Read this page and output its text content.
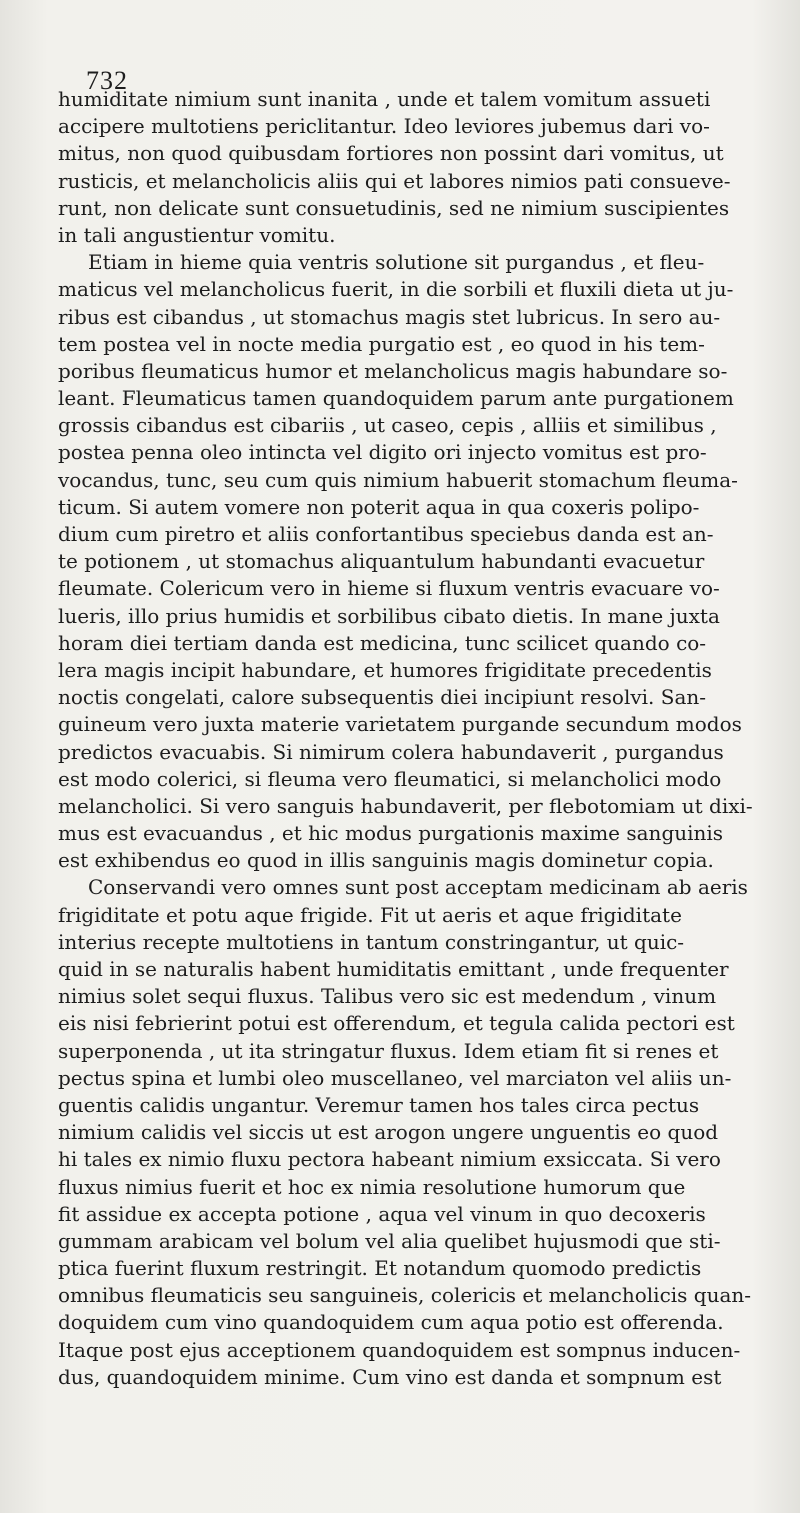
732
humiditate nimium sunt inanita , unde et talem vomitum assueti
accipere multotiens periclitantur. Ideo leviores jubemus dari vo-
mitus, non quod quibusdam fortiores non possint dari vomitus, ut
rusticis, et melancholicis aliis qui et labores nimios pati consueve-
runt, non delicate sunt consuetudinis, sed ne nimium suscipientes
in tali angustientur vomitu.
Etiam in hieme quia ventris solutione sit purgandus , et fleu-
maticus vel melancholicus fuerit, in die sorbili et fluxili dieta ut ju-
ribus est cibandus , ut stomachus magis stet lubricus. In sero au-
tem postea vel in nocte media purgatio est , eo quod in his tem-
poribus fleumaticus humor et melancholicus magis habundare so-
leant. Fleumaticus tamen quandoquidem parum ante purgationem
grossis cibandus est cibariis , ut caseo, cepis , alliis et similibus ,
postea penna oleo intincta vel digito ori injecto vomitus est pro-
vocandus, tunc, seu cum quis nimium habuerit stomachum fleuma-
ticum. Si autem vomere non poterit aqua in qua coxeris polipo-
dium cum piretro et aliis confortantibus speciebus danda est an-
te potionem , ut stomachus aliquantulum habundanti evacuetur
fleumate. Colericum vero in hieme si fluxum ventris evacuare vo-
lueris, illo prius humidis et sorbilibus cibato dietis. In mane juxta
horam diei tertiam danda est medicina, tunc scilicet quando co-
lera magis incipit habundare, et humores frigiditate precedentis
noctis congelati, calore subsequentis diei incipiunt resolvi. San-
guineum vero juxta materie varietatem purgande secundum modos
predictos evacuabis. Si nimirum colera habundaverit , purgandus
est modo colerici, si fleuma vero fleumatici, si melancholici modo
melancholici. Si vero sanguis habundaverit, per flebotomiam ut dixi-
mus est evacuandus , et hic modus purgationis maxime sanguinis
est exhibendus eo quod in illis sanguinis magis dominetur copia.
Conservandi vero omnes sunt post acceptam medicinam ab aeris
frigiditate et potu aque frigide. Fit ut aeris et aque frigiditate
interius recepte multotiens in tantum constringantur, ut quic-
quid in se naturalis habent humiditatis emittant , unde frequenter
nimius solet sequi fluxus. Talibus vero sic est medendum , vinum
eis nisi febrierint potui est offerendum, et tegula calida pectori est
superponenda , ut ita stringatur fluxus. Idem etiam fit si renes et
pectus spina et lumbi oleo muscellaneo, vel marciaton vel aliis un-
guentis calidis ungantur. Veremur tamen hos tales circa pectus
nimium calidis vel siccis ut est arogon ungere unguentis eo quod
hi tales ex nimio fluxu pectora habeant nimium exsiccata. Si vero
fluxus nimius fuerit et hoc ex nimia resolutione humorum que
fit assidue ex accepta potione , aqua vel vinum in quo decoxeris
gummam arabicam vel bolum vel alia quelibet hujusmodi que sti-
ptica fuerint fluxum restringit. Et notandum quomodo predictis
omnibus fleumaticis seu sanguineis, colericis et melancholicis quan-
doquidem cum vino quandoquidem cum aqua potio est offerenda.
Itaque post ejus acceptionem quandoquidem est sompnus inducen-
dus, quandoquidem minime. Cum vino est danda et sompnum est
